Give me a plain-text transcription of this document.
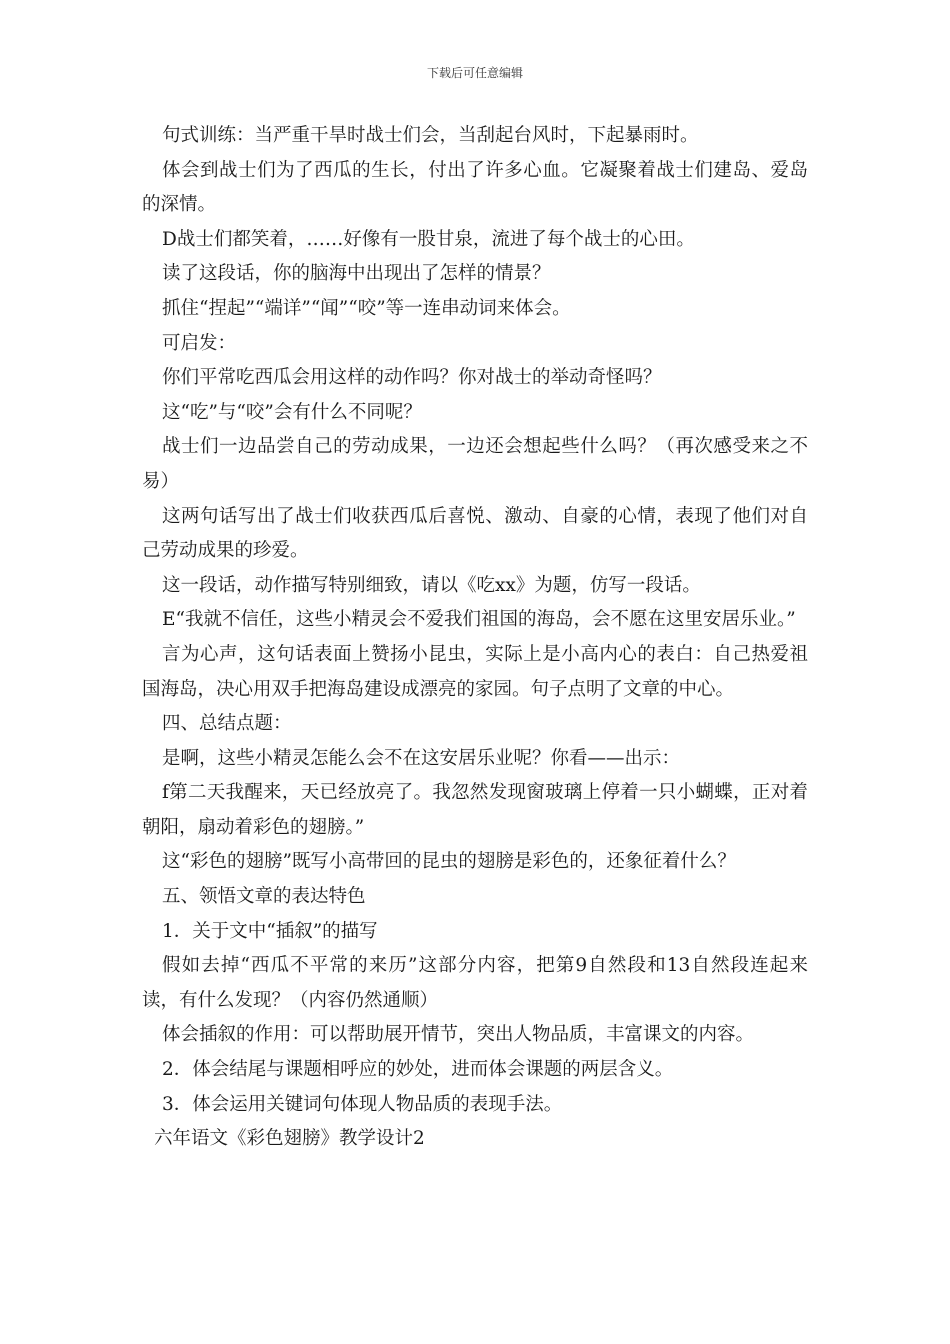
下载后可任意编辑

句式训练：当严重干旱时战士们会，当刮起台风时，下起暴雨时。

体会到战士们为了西瓜的生长，付出了许多心血。它凝聚着战士们建岛、爱岛的深情。

D战士们都笑着，……好像有一股甘泉，流进了每个战士的心田。

读了这段话，你的脑海中出现出了怎样的情景？

抓住“捏起”“端详”“闻”“咬”等一连串动词来体会。

可启发：

你们平常吃西瓜会用这样的动作吗？你对战士的举动奇怪吗？

这“吃”与“咬”会有什么不同呢？

战士们一边品尝自己的劳动成果，一边还会想起些什么吗？（再次感受来之不易）

这两句话写出了战士们收获西瓜后喜悦、激动、自豪的心情，表现了他们对自己劳动成果的珍爱。

这一段话，动作描写特别细致，请以《吃xx》为题，仿写一段话。

E“我就不信任，这些小精灵会不爱我们祖国的海岛，会不愿在这里安居乐业。”

言为心声，这句话表面上赞扬小昆虫，实际上是小高内心的表白：自己热爱祖国海岛，决心用双手把海岛建设成漂亮的家园。句子点明了文章的中心。

四、总结点题：

是啊，这些小精灵怎能么会不在这安居乐业呢？你看——出示：

f第二天我醒来，天已经放亮了。我忽然发现窗玻璃上停着一只小蝴蝶，正对着朝阳，扇动着彩色的翅膀。”

这“彩色的翅膀”既写小高带回的昆虫的翅膀是彩色的，还象征着什么？

五、领悟文章的表达特色

1．关于文中“插叙”的描写

假如去掉“西瓜不平常的来历”这部分内容，把第9自然段和13自然段连起来读，有什么发现？（内容仍然通顺）

体会插叙的作用：可以帮助展开情节，突出人物品质，丰富课文的内容。

2．体会结尾与课题相呼应的妙处，进而体会课题的两层含义。

3．体会运用关键词句体现人物品质的表现手法。

六年语文《彩色翅膀》教学设计2
